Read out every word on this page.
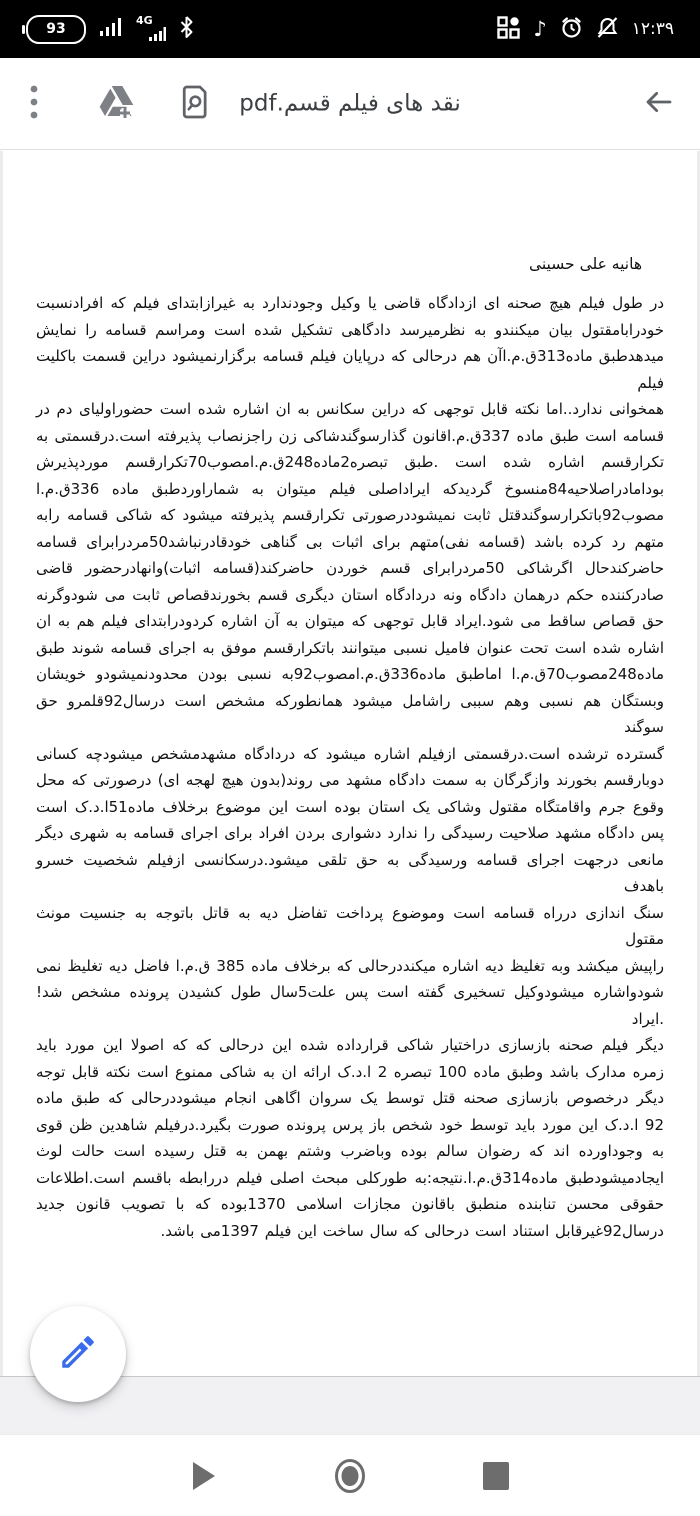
93
4G	♪	۱۲:۳۹
نقد های فیلم قسم.pdf

هانیه علی حسینی

در طول فیلم هیچ صحنه ای ازدادگاه قاضی یا وکیل وجودندارد به غیرازابتدای فیلم که افرادنسبت
خودرابامقتول بیان میکنندو به نظرمیرسد دادگاهی تشکیل شده است ومراسم قسامه را نمایش
میدهدطبق ماده313ق.م.اآن هم درحالی که درپایان فیلم قسامه برگزارنمیشود دراین قسمت باکلیت فیلم
همخوانی ندارد..اما نکته قابل توجهی که دراین سکانس به ان اشاره شده است حضوراولیای دم در
قسامه است طبق ماده 337ق.م.اقانون گذارسوگندشاکی زن راجزنصاب پذیرفته است.درقسمتی به
تکرارقسم اشاره شده است .طبق تبصره2ماده248ق.م.امصوب70تکرارقسم موردپذیرش
بودامادراصلاحیه84منسوخ گردیدکه ایراداصلی فیلم میتوان به شماراوردطبق ماده 336ق.م.ا
مصوب92باتکرارسوگندقتل ثابت نمیشوددرصورتی تکرارقسم پذیرفته میشود که شاکی قسامه رابه
متهم رد کرده باشد (قسامه نفی)متهم برای اثبات بی گناهی خودقادرنباشد50مردرابرای قسامه
حاضرکندحال اگرشاکی 50مردرابرای قسم خوردن حاضرکند(قسامه اثبات)وانهادرحضور قاضی
صادرکننده حکم درهمان دادگاه ونه دردادگاه استان دیگری قسم بخورندقصاص ثابت می شودوگرنه
حق قصاص ساقط می شود.ایراد قابل توجهی که میتوان به آن اشاره کردودرابتدای فیلم هم به ان
اشاره شده است تحت عنوان فامیل نسبی میتوانند باتکرارقسم موفق به اجرای قسامه شوند طبق
ماده248مصوب70ق.م.ا اماطبق ماده336ق.م.امصوب92به نسبی بودن محدودنمیشودو خویشان
وبستگان هم نسبی وهم سببی راشامل میشود همانطورکه مشخص است درسال92قلمرو حق سوگند
گسترده ترشده است.درقسمتی ازفیلم اشاره میشود که دردادگاه مشهدمشخص میشودچه کسانی
دوبارقسم بخورند وازگرگان به سمت دادگاه مشهد می روند(بدون هیچ لهجه ای) درصورتی که محل
وقوع جرم واقامتگاه مقتول وشاکی یک استان بوده است این موضوع برخلاف ماده51ا.د.ک است
پس دادگاه مشهد صلاحیت رسیدگی را ندارد دشواری بردن افراد برای اجرای قسامه به شهری دیگر
مانعی درجهت اجرای قسامه ورسیدگی به حق تلقی میشود.درسکانسی ازفیلم شخصیت خسرو باهدف
سنگ اندازی درراه قسامه است وموضوع پرداخت تفاضل دیه به قاتل باتوجه به جنسیت مونث مقتول
راپیش میکشد وبه تغلیظ دیه اشاره میکنددرحالی که برخلاف ماده 385 ق.م.ا فاضل دیه تغلیظ نمی
شودواشاره میشودوکیل تسخیری گفته است پس علت5سال طول کشیدن پرونده مشخص شد! .ایراد
دیگر فیلم صحنه بازسازی دراختیار شاکی قرارداده شده این درحالی که که اصولا این مورد باید
زمره مدارک باشد وطبق ماده 100 تبصره 2 ا.د.ک ارائه ان به شاکی ممنوع است نکته قابل توجه
دیگر درخصوص بازسازی صحنه قتل توسط یک سروان اگاهی انجام میشوددرحالی که طبق ماده
92 ا.د.ک این مورد باید توسط خود شخص باز پرس پرونده صورت بگیرد.درفیلم شاهدین ظن قوی
به وجوداورده اند که رضوان سالم بوده وباضرب وشتم بهمن به قتل رسیده است حالت لوث
ایجادمیشودطبق ماده314ق.م.ا.نتیجه:به طورکلی مبحث اصلی فیلم دررابطه باقسم است.اطلاعات
حقوقی محسن تنابنده منطبق باقانون مجازات اسلامی 1370بوده که با تصویب قانون جدید
درسال92غیرقابل استناد است درحالی که سال ساخت این فیلم 1397می باشد.
